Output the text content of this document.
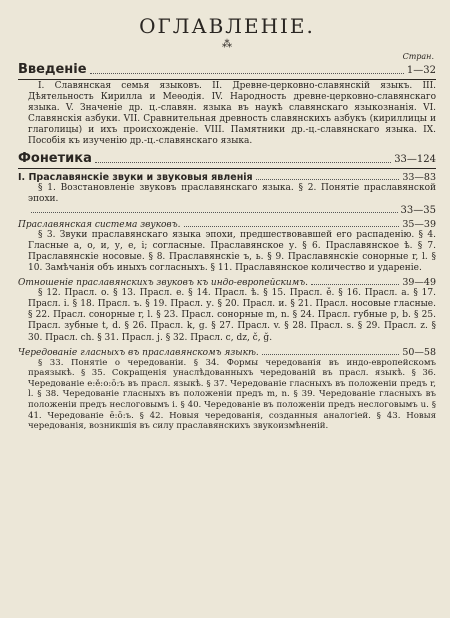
ОГЛАВЛЕНІЕ.
⁂
Стран.
Введеніе	1—32

I. Славянская семья языковъ. II. Древне-церковно-славянскій языкъ. III. Дѣятельность Кирилла и Меѳодія. IV. Народность древне-церковно-славянскаго языка. V. Значеніе др. ц.-славян. языка въ наукѣ славянскаго языкознанія. VI. Славянскія азбуки. VII. Сравнительная древность славянскихъ азбукъ (кириллицы и глаголицы) и ихъ происхожденіе. VIII. Памятники др.-ц.-славянскаго языка. IX. Пособія къ изученію др.-ц.-славянскаго языка.

Фонетика	33—124
I. Праславянскіе звуки и звуковыя явленія	33—83

§ 1. Возстановленіе звуковъ праславянскаго языка. § 2. Понятіе праславянской эпохи.

33—35
Праславянская система звуковъ.	35—39

§ 3. Звуки праславянскаго языка эпохи, предшествовавшей его распаденію. § 4. Гласные а, о, и, у, е, і; согласные. Праславянское у. § 6. Праславянское ѣ. § 7. Праславянскіе носовые. § 8. Праславянскіе ъ, ь. § 9. Праславянскіе сонорные r, l. § 10. Замѣчанія объ иныхъ согласныхъ. § 11. Праславянское количество и удареніе.

Отношеніе праславянскихъ звуковъ къ индо-европейскимъ.	39—49

§ 12. Прасл. о. § 13. Прасл. е. § 14. Прасл. ѣ. § 15. Прасл. ě. § 16. Прасл. а. § 17. Прасл. і. § 18. Прасл. ъ. § 19. Прасл. у. § 20. Прасл. и. § 21. Прасл. носовые гласные. § 22. Прасл. сонорные r, l. § 23. Прасл. сонорные m, n. § 24. Прасл. губные p, b. § 25. Прасл. зубные t, d. § 26. Прасл. k, g. § 27. Прасл. v. § 28. Прасл. s. § 29. Прасл. z. § 30. Прасл. ch. § 31. Прасл. j. § 32. Прасл. c, dz, č, ğ.

Чередованіе гласныхъ въ праславянскомъ языкѣ.	50—58

§ 33. Понятіе о чередованіи. § 34. Формы чередованія въ индо-европейскомъ праязыкѣ. § 35. Сокращенія унаслѣдованныхъ чередованій въ прасл. языкѣ. § 36. Чередованіе е:ě:о:ō:ъ въ прасл. языкѣ. § 37. Чередованіе гласныхъ въ положеніи предъ r, l. § 38. Чередованіе гласныхъ въ положеніи предъ m, n. § 39. Чередованіе гласныхъ въ положеніи предъ неслоговымъ i. § 40. Чередованіе въ положеніи предъ неслоговымъ u. § 41. Чередованіе ē:ō:ъ. § 42. Новыя чередованія, созданныя аналогіей. § 43. Новыя чередованія, возникшія въ силу праславянскихъ звукоизмѣненій.
